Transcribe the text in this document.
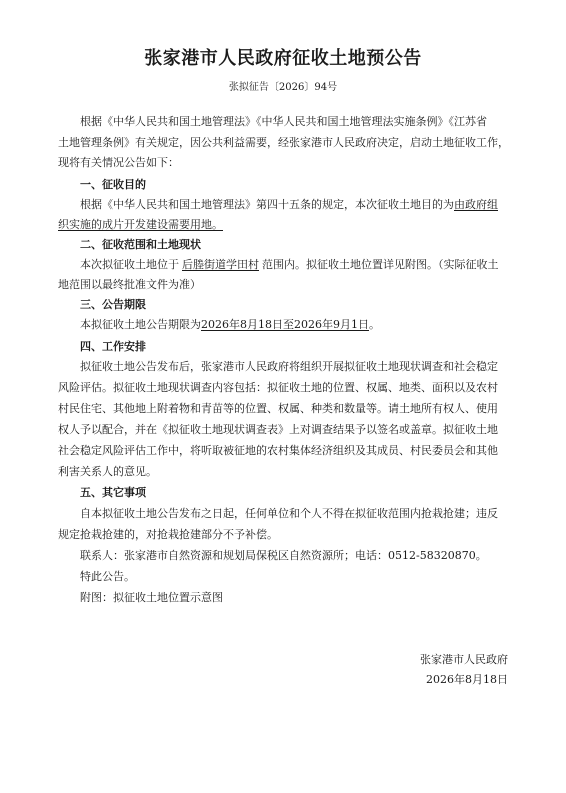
张家港市人民政府征收土地预公告
张拟征告〔2026〕94号
根据《中华人民共和国土地管理法》《中华人民共和国土地管理法实施条例》《江苏省
土地管理条例》有关规定，因公共利益需要，经张家港市人民政府决定，启动土地征收工作，
现将有关情况公告如下：
一、征收目的
根据《中华人民共和国土地管理法》第四十五条的规定，本次征收土地目的为由政府组
织实施的成片开发建设需要用地。
二、征收范围和土地现状
本次拟征收土地位于 后塍街道学田村 范围内。拟征收土地位置详见附图。（实际征收土
地范围以最终批准文件为准）
三、公告期限
本拟征收土地公告期限为2026年8月18日至2026年9月1日。
四、工作安排
拟征收土地公告发布后，张家港市人民政府将组织开展拟征收土地现状调查和社会稳定
风险评估。拟征收土地现状调查内容包括：拟征收土地的位置、权属、地类、面积以及农村
村民住宅、其他地上附着物和青苗等的位置、权属、种类和数量等。请土地所有权人、使用
权人予以配合，并在《拟征收土地现状调查表》上对调查结果予以签名或盖章。拟征收土地
社会稳定风险评估工作中，将听取被征地的农村集体经济组织及其成员、村民委员会和其他
利害关系人的意见。
五、其它事项
自本拟征收土地公告发布之日起，任何单位和个人不得在拟征收范围内抢栽抢建；违反
规定抢栽抢建的，对抢栽抢建部分不予补偿。
联系人：张家港市自然资源和规划局保税区自然资源所；电话：0512-58320870。
特此公告。
附图：拟征收土地位置示意图
张家港市人民政府
2026年8月18日
